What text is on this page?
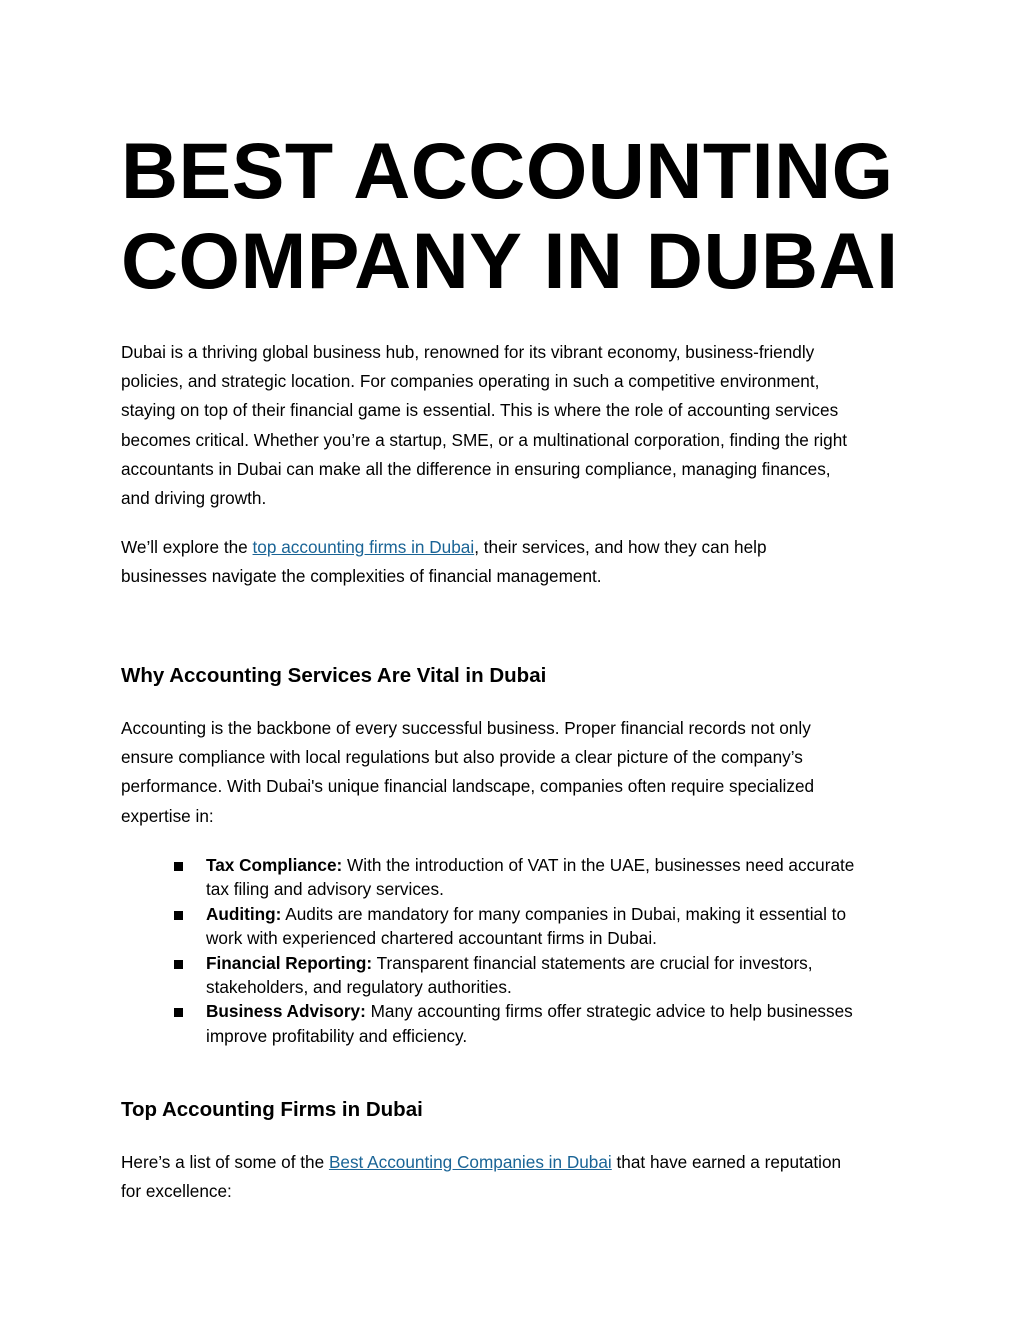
BEST ACCOUNTING
COMPANY IN DUBAI

Dubai is a thriving global business hub, renowned for its vibrant economy, business-friendly
policies, and strategic location. For companies operating in such a competitive environment,
staying on top of their financial game is essential. This is where the role of accounting services
becomes critical. Whether you’re a startup, SME, or a multinational corporation, finding the right
accountants in Dubai can make all the difference in ensuring compliance, managing finances,
and driving growth.

We’ll explore the top accounting firms in Dubai, their services, and how they can help
businesses navigate the complexities of financial management.

Why Accounting Services Are Vital in Dubai

Accounting is the backbone of every successful business. Proper financial records not only
ensure compliance with local regulations but also provide a clear picture of the company’s
performance. With Dubai's unique financial landscape, companies often require specialized
expertise in:

Tax Compliance: With the introduction of VAT in the UAE, businesses need accurate
tax filing and advisory services.
Auditing: Audits are mandatory for many companies in Dubai, making it essential to
work with experienced chartered accountant firms in Dubai.
Financial Reporting: Transparent financial statements are crucial for investors,
stakeholders, and regulatory authorities.
Business Advisory: Many accounting firms offer strategic advice to help businesses
improve profitability and efficiency.
Top Accounting Firms in Dubai

Here’s a list of some of the Best Accounting Companies in Dubai that have earned a reputation
for excellence:
